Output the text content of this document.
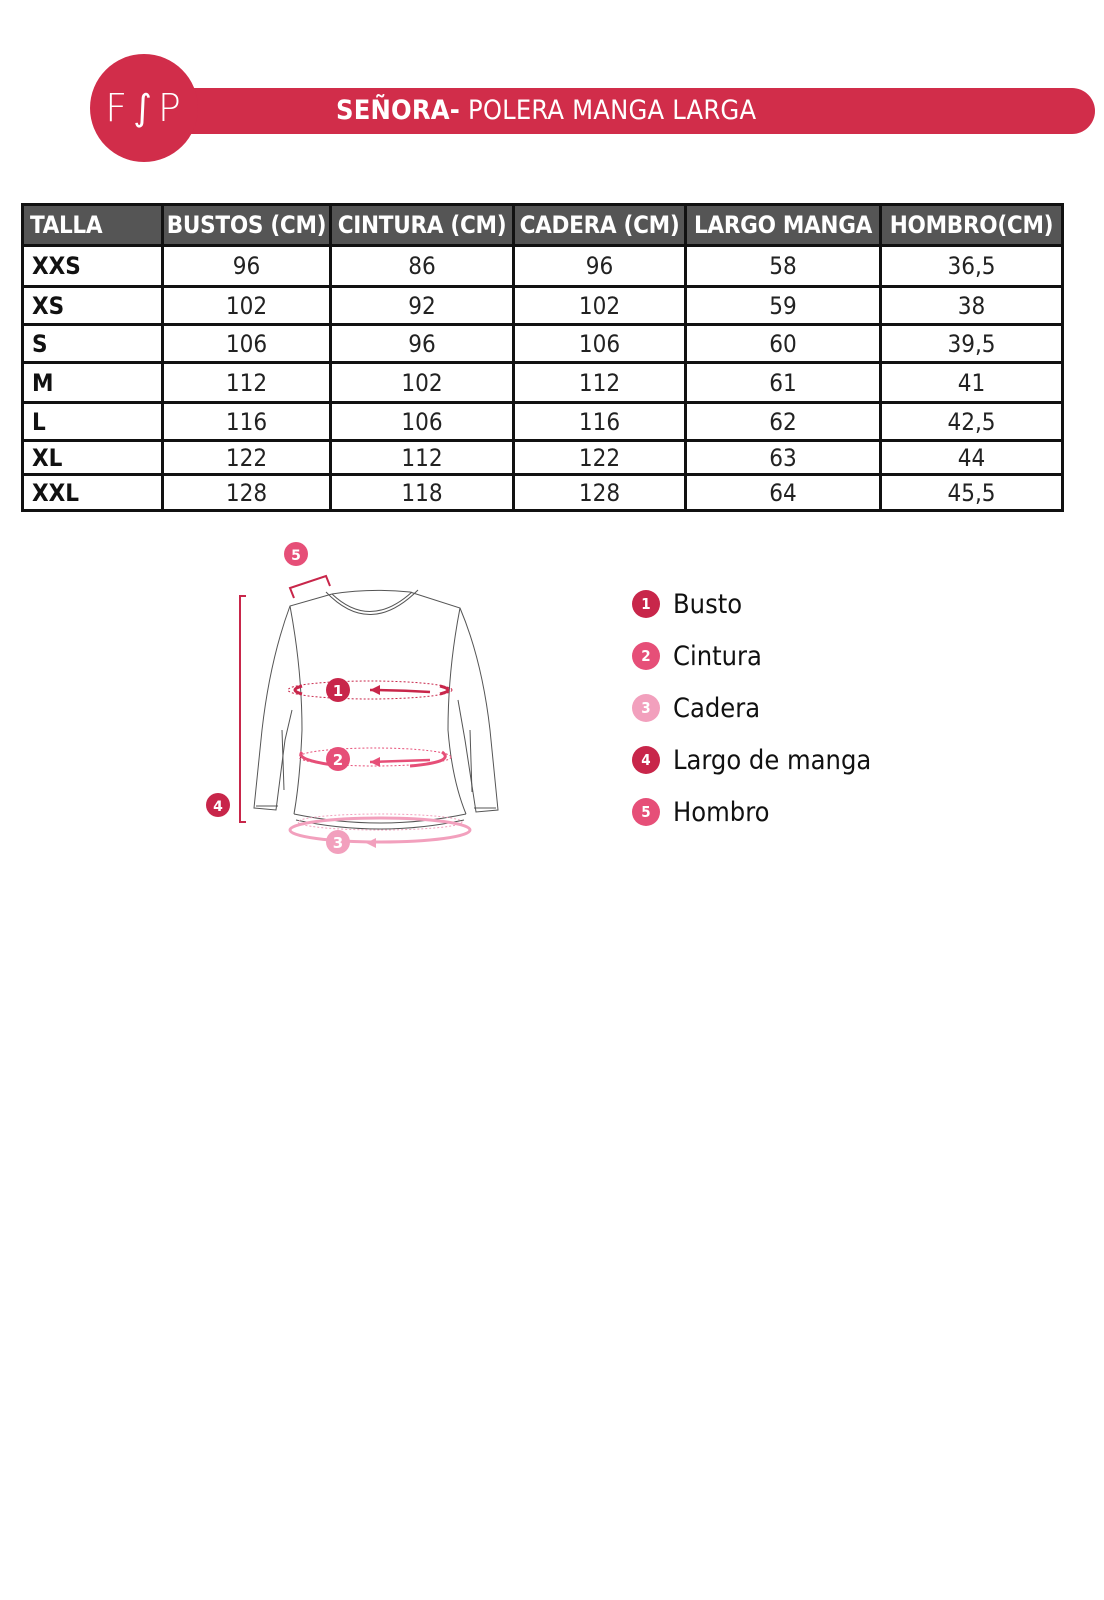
F ∫ P	SEÑORA- POLERA MANGA LARGA
TALLA	BUSTOS (CM)	CINTURA (CM)	CADERA (CM)	LARGO MANGA	HOMBRO(CM)
XXS	96	86	96	58	36,5
XS	102	92	102	59	38
S	106	96	106	60	39,5
M	112	102	112	61	41
L	116	106	116	62	42,5
XL	122	112	122	63	44
XXL	128	118	128	64	45,5
1
2
3
4
5
1 Busto
2 Cintura
3 Cadera
4 Largo de manga
5 Hombro
